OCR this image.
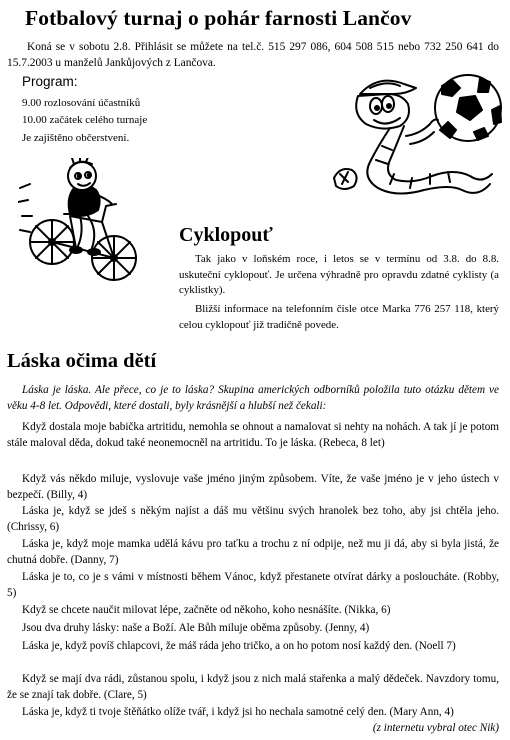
Fotbalový turnaj o pohár farnosti Lančov
Koná se v sobotu 2.8. Přihlásit se můžete na tel.č. 515 297 086, 604 508 515 nebo 732 250 641 do 15.7.2003 u manželů Jankůjových z Lančova.
Program:
9.00 rozlosování účastníků
10.00 začátek celého turnaje
Je zajištěno občerstvení.
Cyklopouť
Tak jako v loňském roce, i letos se v termínu od 3.8. do 8.8. uskuteční cyklopouť. Je určena výhradně pro opravdu zdatné cyklisty (a cyklistky).
Bližší informace na telefonním čísle otce Marka 776 257 118, který celou cyklopouť již tradičně povede.
Láska očima dětí
Láska je láska. Ale přece, co je to láska? Skupina amerických odborníků položila tuto otázku dětem ve věku 4-8 let. Odpovědi, které dostali, byly krásnější a hlubší než čekali:
Když dostala moje babička artritidu, nemohla se ohnout a namalovat si nehty na nohách. A tak jí je potom stále maloval děda, dokud také neonemocněl na artritidu. To je láska. (Rebeca, 8 let)
Když vás někdo miluje, vyslovuje vaše jméno jiným způsobem. Víte, že vaše jméno je v jeho ústech v bezpečí. (Billy, 4)
Láska je, když se jdeš s někým najíst a dáš mu většinu svých hranolek bez toho, aby jsi chtěla jeho. (Chrissy, 6)
Láska je, když moje mamka udělá kávu pro taťku a trochu z ní odpije, než mu ji dá, aby si byla jistá, že chutná dobře. (Danny, 7)
Láska je to, co je s vámi v místnosti během Vánoc, když přestanete otvírat dárky a posloucháte. (Robby, 5)
Když se chcete naučit milovat lépe, začněte od někoho, koho nesnášíte. (Nikka, 6)
Jsou dva druhy lásky: naše a Boží. Ale Bůh miluje oběma způsoby. (Jenny, 4)
Láska je, když povíš chlapcovi, že máš ráda jeho tričko, a on ho potom nosí každý den. (Noell 7)
Když se mají dva rádi, zůstanou spolu, i když jsou z nich malá stařenka a malý dědeček. Navzdory tomu, že se znají tak dobře. (Clare, 5)
Láska je, když ti tvoje štěňátko olíže tvář, i když jsi ho nechala samotné celý den. (Mary Ann, 4)
(z internetu vybral otec Nik)
